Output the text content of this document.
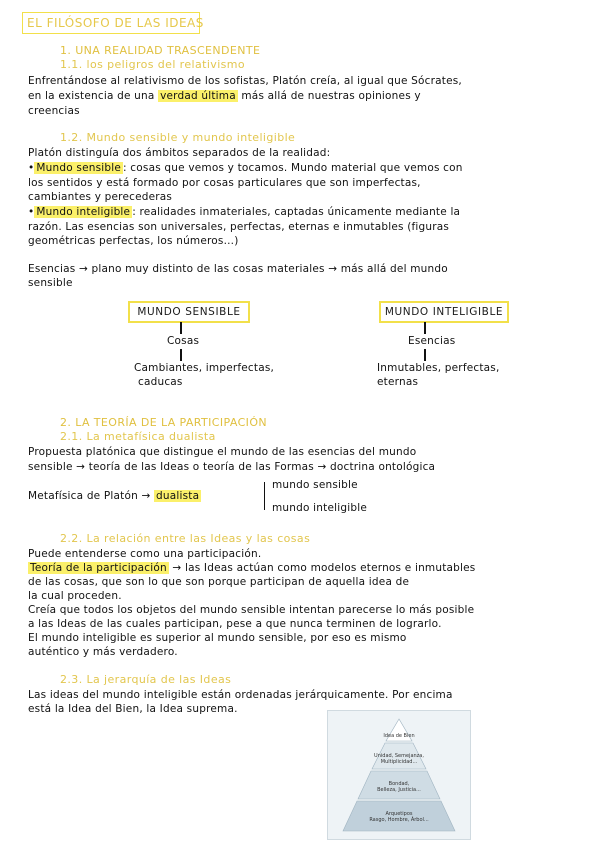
EL FILÓSOFO DE LAS IDEAS
1. UNA REALIDAD TRASCENDENTE
1.1. los peligros del relativismo
Enfrentándose al relativismo de los sofistas, Platón creía, al igual que Sócrates,
en la existencia de una verdad última más allá de nuestras opiniones y
creencias
1.2. Mundo sensible y mundo inteligible
Platón distinguía dos ámbitos separados de la realidad:
• Mundo sensible : cosas que vemos y tocamos. Mundo material que vemos con
los sentidos y está formado por cosas particulares que son imperfectas,
cambiantes y perecederas
• Mundo inteligible : realidades inmateriales, captadas únicamente mediante la
razón. Las esencias son universales, perfectas, eternas e inmutables (figuras
geométricas perfectas, los números...)
Esencias → plano muy distinto de las cosas materiales → más allá del mundo
sensible
MUNDO SENSIBLE
Cosas
Cambiantes, imperfectas,
caducas
MUNDO INTELIGIBLE
Esencias
Inmutables, perfectas,
eternas
2. LA TEORÍA DE LA PARTICIPACIÓN
2.1. La metafísica dualista
Propuesta platónica que distingue el mundo de las esencias del mundo
sensible → teoría de las Ideas o teoría de las Formas → doctrina ontológica
Metafísica de Platón → dualista
mundo sensible
mundo inteligible
2.2. La relación entre las Ideas y las cosas
Puede entenderse como una participación.
Teoría de la participación → las Ideas actúan como modelos eternos e inmutables
de las cosas, que son lo que son porque participan de aquella idea de
la cual proceden.
Creía que todos los objetos del mundo sensible intentan parecerse lo más posible
a las Ideas de las cuales participan, pese a que nunca terminen de lograrlo.
El mundo inteligible es superior al mundo sensible, por eso es mismo
auténtico y más verdadero.
2.3. La jerarquía de las Ideas
Las ideas del mundo inteligible están ordenadas jerárquicamente. Por encima
está la Idea del Bien, la Idea suprema.
Idea de Bien
Unidad, Semejanza,
Multiplicidad...
Bondad,
Belleza, Justicia...
Arquetipos
Rasgo, Hombre, Árbol...
